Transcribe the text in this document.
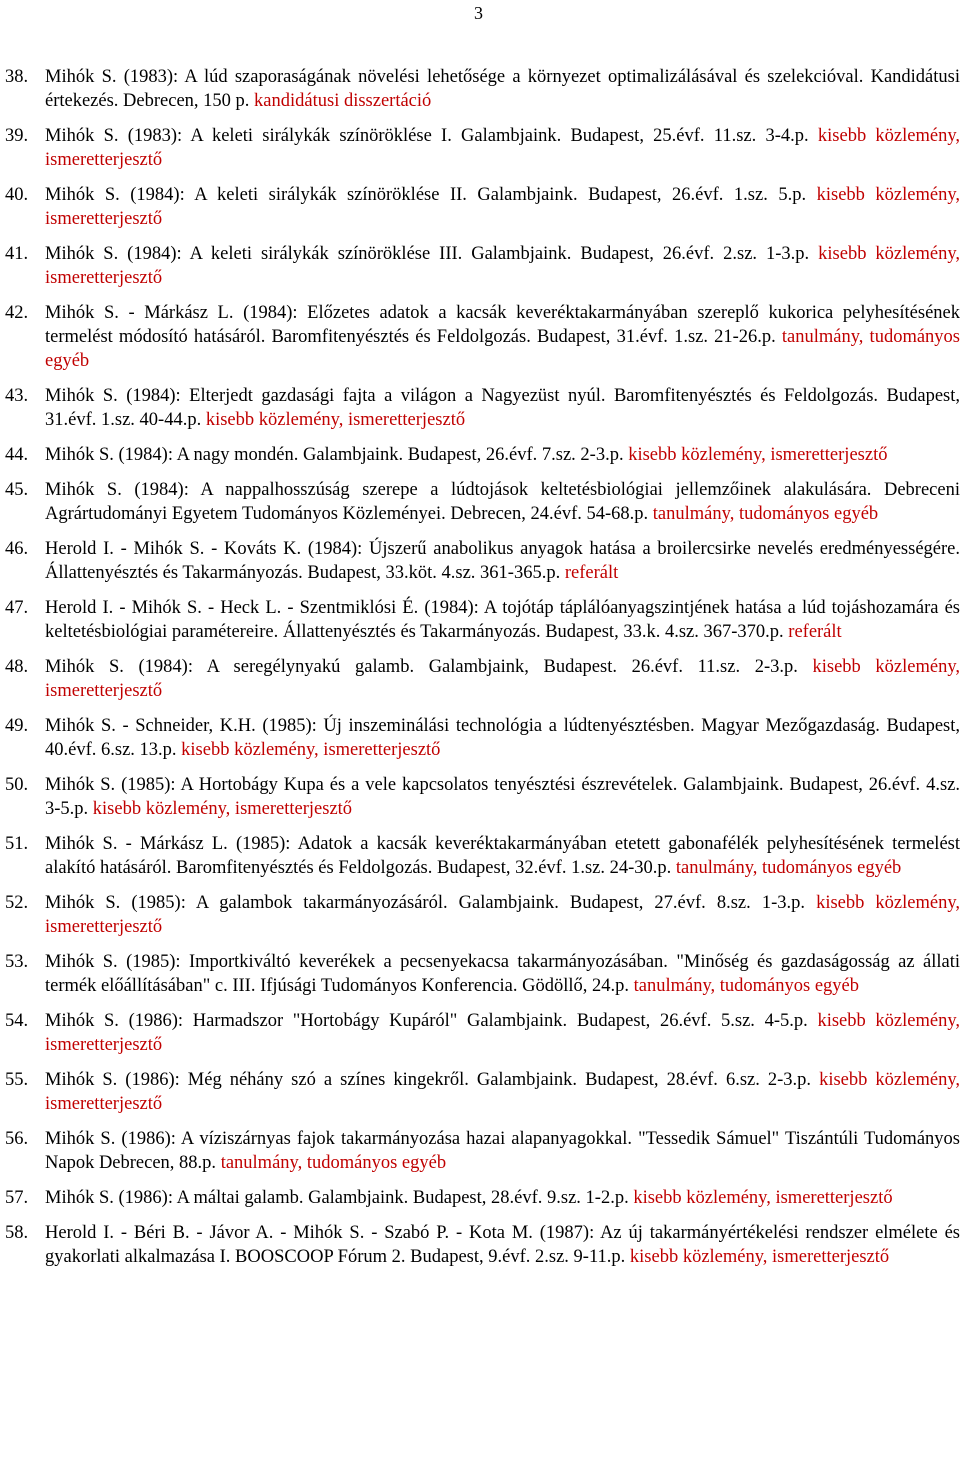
3
38. Mihók S. (1983): A lúd szaporaságának növelési lehetősége a környezet optimalizálásával és szelekcióval. Kandidátusi értekezés. Debrecen, 150 p. kandidátusi disszertáció
39. Mihók S. (1983): A keleti sirálykák színöröklése I. Galambjaink. Budapest, 25.évf. 11.sz. 3-4.p. kisebb közlemény, ismeretterjesztő
40. Mihók S. (1984): A keleti sirálykák színöröklése II. Galambjaink. Budapest, 26.évf. 1.sz. 5.p. kisebb közlemény, ismeretterjesztő
41. Mihók S. (1984): A keleti sirálykák színöröklése III. Galambjaink. Budapest, 26.évf. 2.sz. 1-3.p. kisebb közlemény, ismeretterjesztő
42. Mihók S. - Márkász L. (1984): Előzetes adatok a kacsák keveréktakarmányában szereplő kukorica pelyhesítésének termelést módosító hatásáról. Baromfitenyésztés és Feldolgozás. Budapest, 31.évf. 1.sz. 21-26.p. tanulmány, tudományos egyéb
43. Mihók S. (1984): Elterjedt gazdasági fajta a világon a Nagyezüst nyúl. Baromfitenyésztés és Feldolgozás. Budapest, 31.évf. 1.sz. 40-44.p. kisebb közlemény, ismeretterjesztő
44. Mihók S. (1984): A nagy mondén. Galambjaink. Budapest, 26.évf. 7.sz. 2-3.p. kisebb közlemény, ismeretterjesztő
45. Mihók S. (1984): A nappalhosszúság szerepe a lúdtojások keltetésbiológiai jellemzőinek alakulására. Debreceni Agrártudományi Egyetem Tudományos Közleményei. Debrecen, 24.évf. 54-68.p. tanulmány, tudományos egyéb
46. Herold I. - Mihók S. - Kováts K. (1984): Újszerű anabolikus anyagok hatása a broilercsirke nevelés eredményességére. Állattenyésztés és Takarmányozás. Budapest, 33.köt. 4.sz. 361-365.p. referált
47. Herold I. - Mihók S. - Heck L. - Szentmiklósi É. (1984): A tojótáp táplálóanyagszintjének hatása a lúd tojáshozamára és keltetésbiológiai paramétereire. Állattenyésztés és Takarmányozás. Budapest, 33.k. 4.sz. 367-370.p. referált
48. Mihók S. (1984): A seregélynyakú galamb. Galambjaink, Budapest. 26.évf. 11.sz. 2-3.p. kisebb közlemény, ismeretterjesztő
49. Mihók S. - Schneider, K.H. (1985): Új inszeminálási technológia a lúdtenyésztésben. Magyar Mezőgazdaság. Budapest, 40.évf. 6.sz. 13.p. kisebb közlemény, ismeretterjesztő
50. Mihók S. (1985): A Hortobágy Kupa és a vele kapcsolatos tenyésztési észrevételek. Galambjaink. Budapest, 26.évf. 4.sz. 3-5.p. kisebb közlemény, ismeretterjesztő
51. Mihók S. - Márkász L. (1985): Adatok a kacsák keveréktakarmányában etetett gabonafélék pelyhesítésének termelést alakító hatásáról. Baromfitenyésztés és Feldolgozás. Budapest, 32.évf. 1.sz. 24-30.p. tanulmány, tudományos egyéb
52. Mihók S. (1985): A galambok takarmányozásáról. Galambjaink. Budapest, 27.évf. 8.sz. 1-3.p. kisebb közlemény, ismeretterjesztő
53. Mihók S. (1985): Importkiváltó keverékek a pecsenyekacsa takarmányozásában. "Minőség és gazdaságosság az állati termék előállításában" c. III. Ifjúsági Tudományos Konferencia. Gödöllő, 24.p. tanulmány, tudományos egyéb
54. Mihók S. (1986): Harmadszor "Hortobágy Kupáról" Galambjaink. Budapest, 26.évf. 5.sz. 4-5.p. kisebb közlemény, ismeretterjesztő
55. Mihók S. (1986): Még néhány szó a színes kingekről. Galambjaink. Budapest, 28.évf. 6.sz. 2-3.p. kisebb közlemény, ismeretterjesztő
56. Mihók S. (1986): A víziszárnyas fajok takarmányozása hazai alapanyagokkal. "Tessedik Sámuel" Tiszántúli Tudományos Napok Debrecen, 88.p. tanulmány, tudományos egyéb
57. Mihók S. (1986): A máltai galamb. Galambjaink. Budapest, 28.évf. 9.sz. 1-2.p. kisebb közlemény, ismeretterjesztő
58. Herold I. - Béri B. - Jávor A. - Mihók S. - Szabó P. - Kota M. (1987): Az új takarmányértékelési rendszer elmélete és gyakorlati alkalmazása I. BOOSCOOP Fórum 2. Budapest, 9.évf. 2.sz. 9-11.p. kisebb közlemény, ismeretterjesztő
